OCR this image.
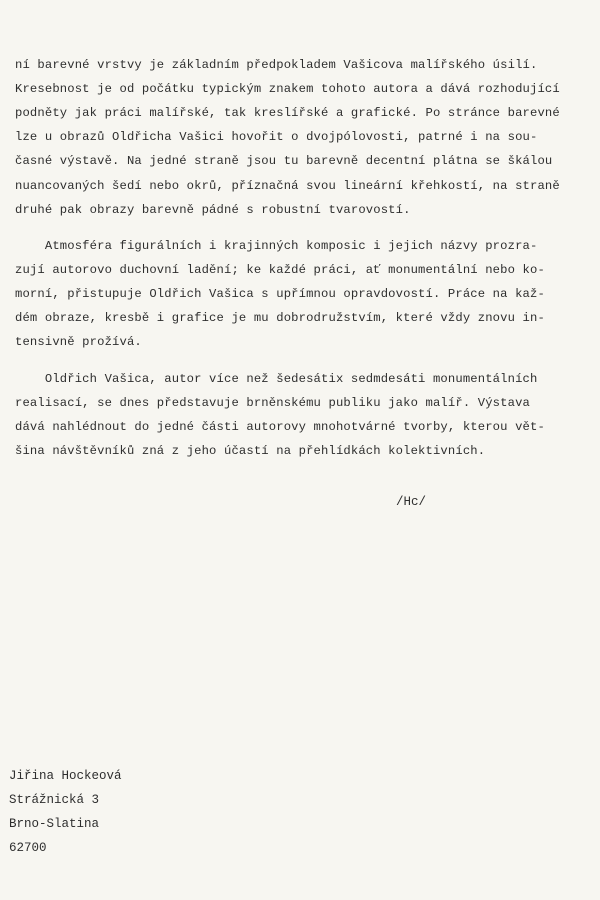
ní barevné vrstvy je základním předpokladem Vašicova malířského úsilí.
Kresebnost je od počátku typickým znakem tohoto autora a dává rozhodující
podněty jak práci malířské, tak kreslířské a grafické. Po stránce barevné
lze u obrazů Oldřicha Vašici hovořit o dvojpólovosti, patrné i na sou-
časné výstavě. Na jedné straně jsou tu barevně decentní plátna se škálou
nuancovaných šedí nebo okrů, příznačná svou lineární křehkostí, na straně
druhé pak obrazy barevně pádné s robustní tvarovostí.
Atmosféra figurálních i krajinných komposic i jejich názvy prozra-
zují autorovo duchovní ladění; ke každé práci, ať monumentální nebo ko-
morní, přistupuje Oldřich Vašica s upřímnou opravdovostí. Práce na kaž-
dém obraze, kresbě i grafice je mu dobrodružstvím, které vždy znovu in-
tensivně prožívá.
Oldřich Vašica, autor více než šedesátix sedmdesáti monumentálních
realisací, se dnes představuje brněnskému publiku jako malíř. Výstava
dává nahlédnout do jedné části autorovy mnohotvárné tvorby, kterou vět-
šina návštěvníků zná z jeho účastí na přehlídkách kolektivních.
/Hc/
Jiřina Hockeová
Strážnická 3
Brno-Slatina
62700
